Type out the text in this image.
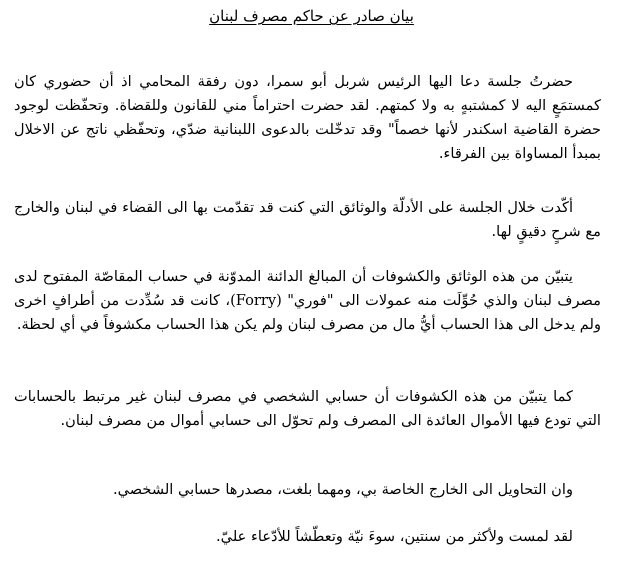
بيان صادر عن حاكم مصرف لبنان

حضرتُ جلسة دعا اليها الرئيس شربل أبو سمرا، دون رفقة المحامي اذ أن حضوري كان كمستمَعٍ اليه لا كمشتبهٍ به ولا كمتهم. لقد حضرت احتراماً مني للقانون وللقضاة. وتحفّظت لوجود حضرة القاضية اسكندر لأنها خصماً" وقد تدخّلت بالدعوى اللبنانية ضدّي، وتحفّظي ناتج عن الاخلال بمبدأ المساواة بين الفرقاء.

أكّدت خلال الجلسة على الأدلّة والوثائق التي كنت قد تقدّمت بها الى القضاء في لبنان والخارج مع شرحٍ دقيقٍ لها.

يتبيّن من هذه الوثائق والكشوفات أن المبالغ الدائنة المدوّنة في حساب المقاصّة المفتوح لدى مصرف لبنان والذي حُوِّلَت منه عمولات الى "فوري" (Forry)، كانت قد سُدِّدت من أطرافٍ اخرى ولم يدخل الى هذا الحساب أيُّ مال من مصرف لبنان ولم يكن هذا الحساب مكشوفاً في أي لحظة.

كما يتبيّن من هذه الكشوفات أن حسابي الشخصي في مصرف لبنان غير مرتبط بالحسابات التي تودع فيها الأموال العائدة الى المصرف ولم تحوّل الى حسابي أموال من مصرف لبنان.

وان التحاويل الى الخارج الخاصة بي، ومهما بلغت، مصدرها حسابي الشخصي.

لقد لمست ولأكثر من سنتين، سوءَ نيّة وتعطّشاً للأدّعاء عليّ.
